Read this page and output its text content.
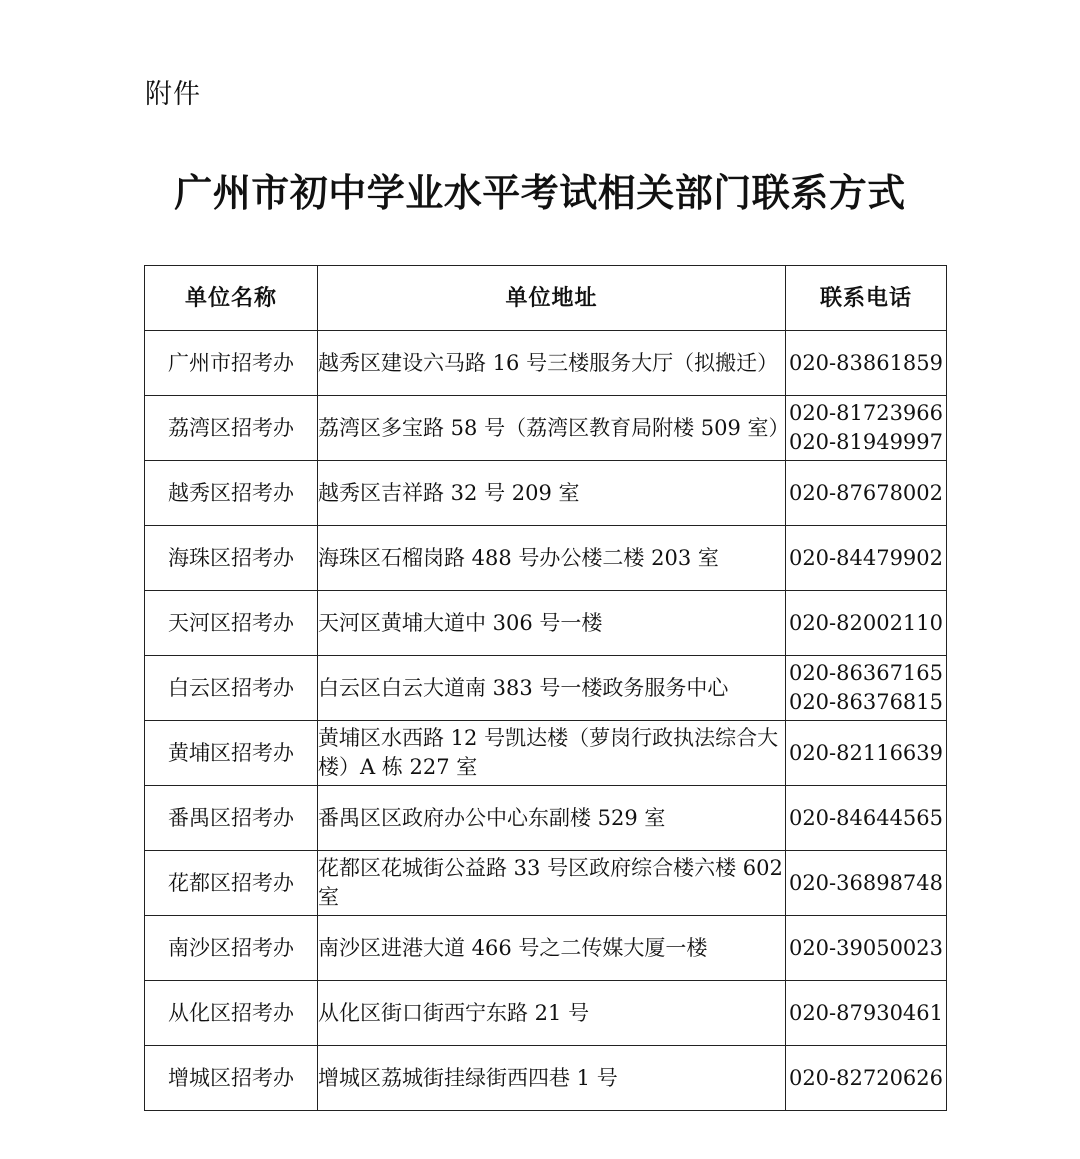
附件
广州市初中学业水平考试相关部门联系方式
单位名称	单位地址	联系电话
广州市招考办	越秀区建设六马路 16 号三楼服务大厅（拟搬迁）	020-83861859

荔湾区招考办	荔湾区多宝路 58 号（荔湾区教育局附楼 509 室）	020-81723966
020-81949997

越秀区招考办	越秀区吉祥路 32 号 209 室	020-87678002

海珠区招考办	海珠区石榴岗路 488 号办公楼二楼 203 室	020-84479902

天河区招考办	天河区黄埔大道中 306 号一楼	020-82002110

白云区招考办	白云区白云大道南 383 号一楼政务服务中心	020-86367165
020-86376815

黄埔区招考办	黄埔区水西路 12 号凯达楼（萝岗行政执法综合大楼）A 栋 227 室	020-82116639

番禺区招考办	番禺区区政府办公中心东副楼 529 室	020-84644565

花都区招考办	花都区花城街公益路 33 号区政府综合楼六楼 602 室	020-36898748

南沙区招考办	南沙区进港大道 466 号之二传媒大厦一楼	020-39050023

从化区招考办	从化区街口街西宁东路 21 号	020-87930461

增城区招考办	增城区荔城街挂绿街西四巷 1 号	020-82720626
